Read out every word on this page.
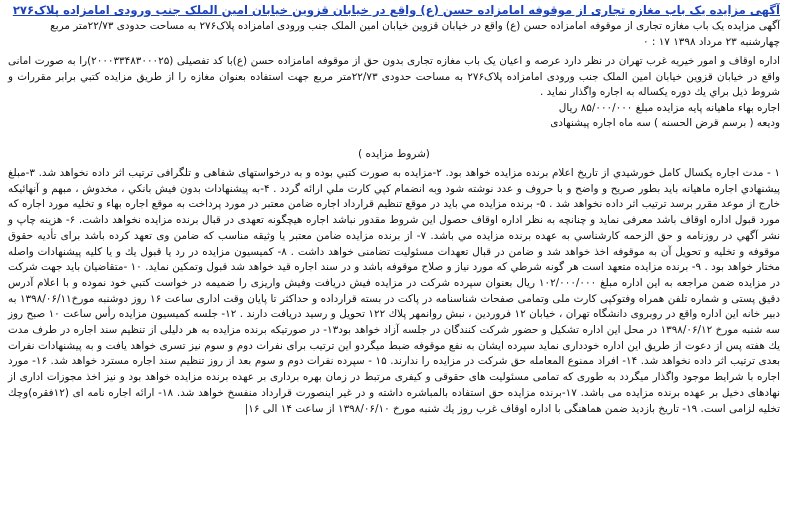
آگهی مزایده یک باب مغازه تجاری از موقوفه امامزاده حسن (ع) واقع در خیابان قزوین خیابان امین الملک جنب ورودی امامزاده پلاک۲۷۶

آگهی مزایده یک باب مغازه تجاری از موقوفه امامزاده حسن (ع) واقع در خیابان قزوین خیابان امین الملک جنب ورودی امامزاده پلاک۲۷۶ به مساحت حدودی ۲۲/۷۳متر مربع

چهارشنبه ۲۳ مرداد ۱۳۹۸ ۱۷ : ۰

اداره اوقاف و امور خیریه غرب تهران در نظر دارد عرصه و اعیان یک باب مغازه تجاری بدون حق از موقوفه امامزاده حسن (ع)با کد تفصیلی (۲۰۰۰۳۳۴۸۳۰۰۰۲۵)را به صورت امانی واقع در خیابان قزوین خیابان امین الملک جنب ورودی امامزاده پلاک۲۷۶ به مساحت حدودی ۲۲/۷۳متر مربع جهت استفاده بعنوان مغازه را از طريق مزايده كتبي برابر مقررات و شروط ذيل براي يك دوره يكساله به اجاره واگذار نمايد .

اجاره بهاء ماهيانه پايه مزايده مبلغ ۸۵/۰۰۰/۰۰۰ ريال

وديعه ( برسم قرض الحسنه ) سه ماه اجاره پيشنهادی

(شروط مزایده )

۱ - مدت اجاره يكسال كامل خورشيدي از تاريخ اعلام برنده مزايده خواهد بود. ۲-مزايده به صورت كتبي بوده و به درخواستهای شفاهی و تلگرافی ترتیب اثر داده نخواهد شد. ۳-مبلغ پيشنهادي اجاره ماهيانه بايد بطور صريح و واضح و با حروف و عدد نوشته شود وبه انضمام كپي كارت ملي ارائه گردد . ۴-به پيشنهادات بدون فيش بانكي ، مخدوش ، مبهم و آنهائيكه خارج از موعد مقرر برسد ترتيب اثر داده نخواهد شد . ۵- برنده مزايده مي بايد در موقع تنظيم قرارداد اجاره ضامن معتبر در مورد پرداخت به موقع اجاره بهاء و تخليه مورد اجاره كه مورد قبول اداره اوقاف باشد معرفی نمايد و چنانچه به نظر اداره اوقاف حصول اين شروط مقدور نباشد اجاره هيچگونه تعهدی در قبال برنده مزايده نخواهد داشت. ۶- هزينه چاپ و نشر آگهي در روزنامه و حق الزحمه كارشناسي به عهده برنده مزايده مي باشد. ۷- از برنده مزايده ضامن معتبر يا وثيقه مناسب كه ضامن وی تعهد كرده باشد برای تأديه حقوق موقوفه و تخليه و تحويل آن به موقوفه اخذ خواهد شد و ضامن در قبال تعهدات مسئوليت تضامنی خواهد داشت . ۸- كميسيون مزايده در رد يا قبول يك و يا كليه پيشنهادات واصله مختار خواهد بود . ۹- برنده مزايده متعهد است هر گونه شرطي كه مورد نياز و صلاح موقوفه باشد و در سند اجاره قيد خواهد شد قبول وتمكين نمايد. ۱۰ -متقاضيان بايد جهت شركت در مزايده ضمن مراجعه به اين اداره مبلغ ۱۰۲/۰۰۰/۰۰۰ ريال بعنوان سپرده شركت در مزايده فيش دريافت وفيش واريزی را ضميمه در خواست كتبي خود نموده و با اعلام آدرس دقيق پستی و شماره تلفن همراه وفتوكپی كارت ملی وتمامی صفحات شناسنامه در پاكت در بسته قرارداده و حداكثر تا پايان وقت اداری ساعت ۱۶ روز دوشنبه مورخ۱۳۹۸/۰۶/۱۱ به دبير خانه اين اداره واقع در روبروی دانشگاه تهران ، خيابان ۱۲ فروردين ، نبش روانمهر پلاك ۱۲۲ تحويل و رسيد دريافت دارند . ۱۲- جلسه كميسيون مزايده رأس ساعت ۱۰ صبح روز سه شنبه مورخ ۱۳۹۸/۰۶/۱۲ در محل اين اداره تشكيل و حضور شركت كنندگان در جلسه آزاد خواهد بود۱۳- در صورتيكه برنده مزايده به هر دليلی از تنظيم سند اجاره در طرف مدت يك هفته پس از دعوت از طريق اين اداره خودداری نمايد سپرده ايشان به نفع موقوفه ضبط ميگردو اين ترتيب برای نفرات دوم و سوم نيز تسری خواهد يافت و به پيشنهادات نفرات بعدی ترتيب اثر داده نخواهد شد. ۱۴- افراد ممنوع المعامله حق شركت در مزايده را ندارند. ۱۵ - سپرده نفرات دوم و سوم بعد از روز تنظيم سند اجاره مسترد خواهد شد. ۱۶- مورد اجاره با شرايط موجود واگذار ميگردد به طوری كه تمامی مسئوليت های حقوقی و كيفری مرتبط در زمان بهره برداری بر عهده برنده مزايده خواهد بود و نيز اخذ مجوزات اداری از نهادهای دخيل بر عهده برنده مزايده می باشد. ۱۷-برنده مزايده حق استفاده بالمباشره داشته و در غير اينصورت قرارداد منفسخ خواهد شد. ۱۸- ارائه اجاره نامه ای (۱۲فقره)وچك تخليه لزامی است. ۱۹- تاريخ بازديد ضمن هماهنگی با اداره اوقاف غرب روز يك شنبه مورخ ۱۳۹۸/۰۶/۱۰ از ساعت ۱۴ الی ۱۶|
